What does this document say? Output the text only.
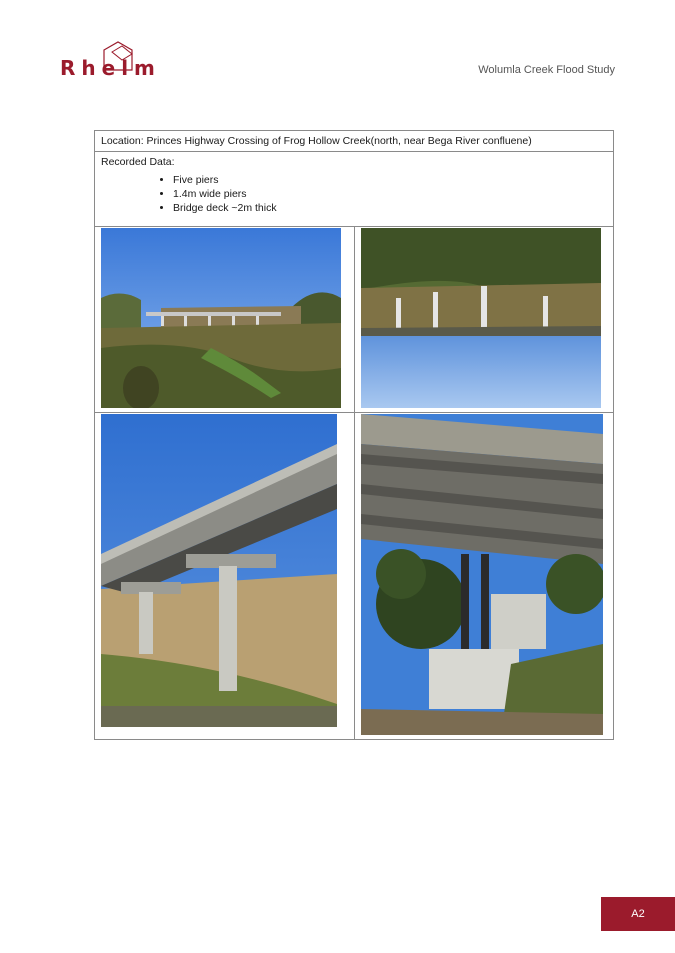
Rhelm	Wolumla Creek Flood Study
Location: Princes Highway Crossing of Frog Hollow Creek(north, near Bega River confluene)
Recorded Data:
• Five piers
• 1.4m wide piers
• Bridge deck ~2m thick
A2
